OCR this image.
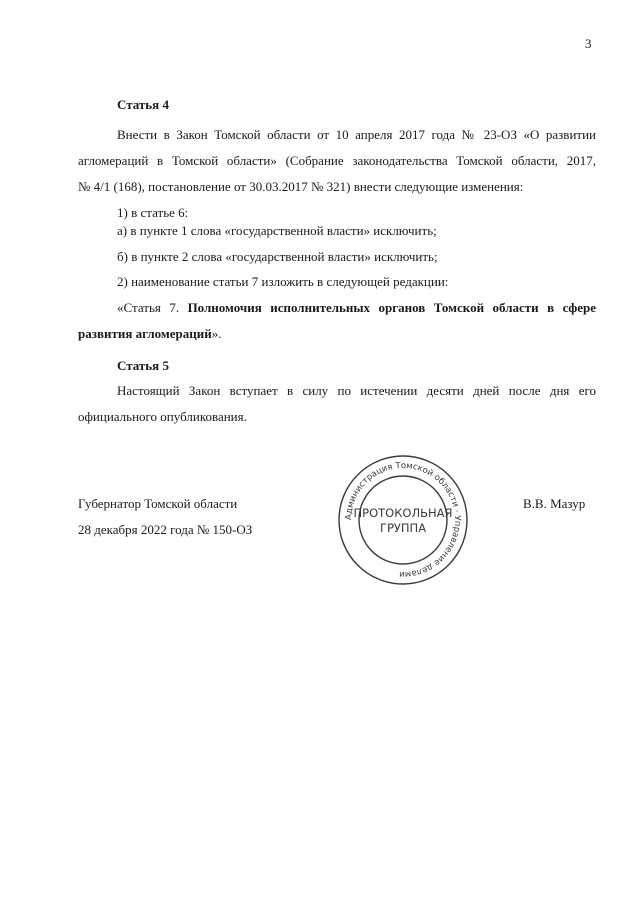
3
Статья 4
Внести в Закон Томской области от 10 апреля 2017 года № 23-ОЗ «О развитии
агломераций в Томской области» (Собрание законодательства Томской области, 2017,
№ 4/1 (168), постановление от 30.03.2017 № 321) внести следующие изменения:
1) в статье 6:
а) в пункте 1 слова «государственной власти» исключить;
б) в пункте 2 слова «государственной власти» исключить;
2) наименование статьи 7 изложить в следующей редакции:
«Статья 7. Полномочия исполнительных органов Томской области в сфере
развития агломераций».
Статья 5
Настоящий Закон вступает в силу по истечении десяти дней после дня его
официального опубликования.
Губернатор Томской области
28 декабря 2022 года № 150-ОЗ
В.В. Мазур
Администрация Томской области · Управление делами
ПРОТОКОЛЬНАЯ
ГРУППА
